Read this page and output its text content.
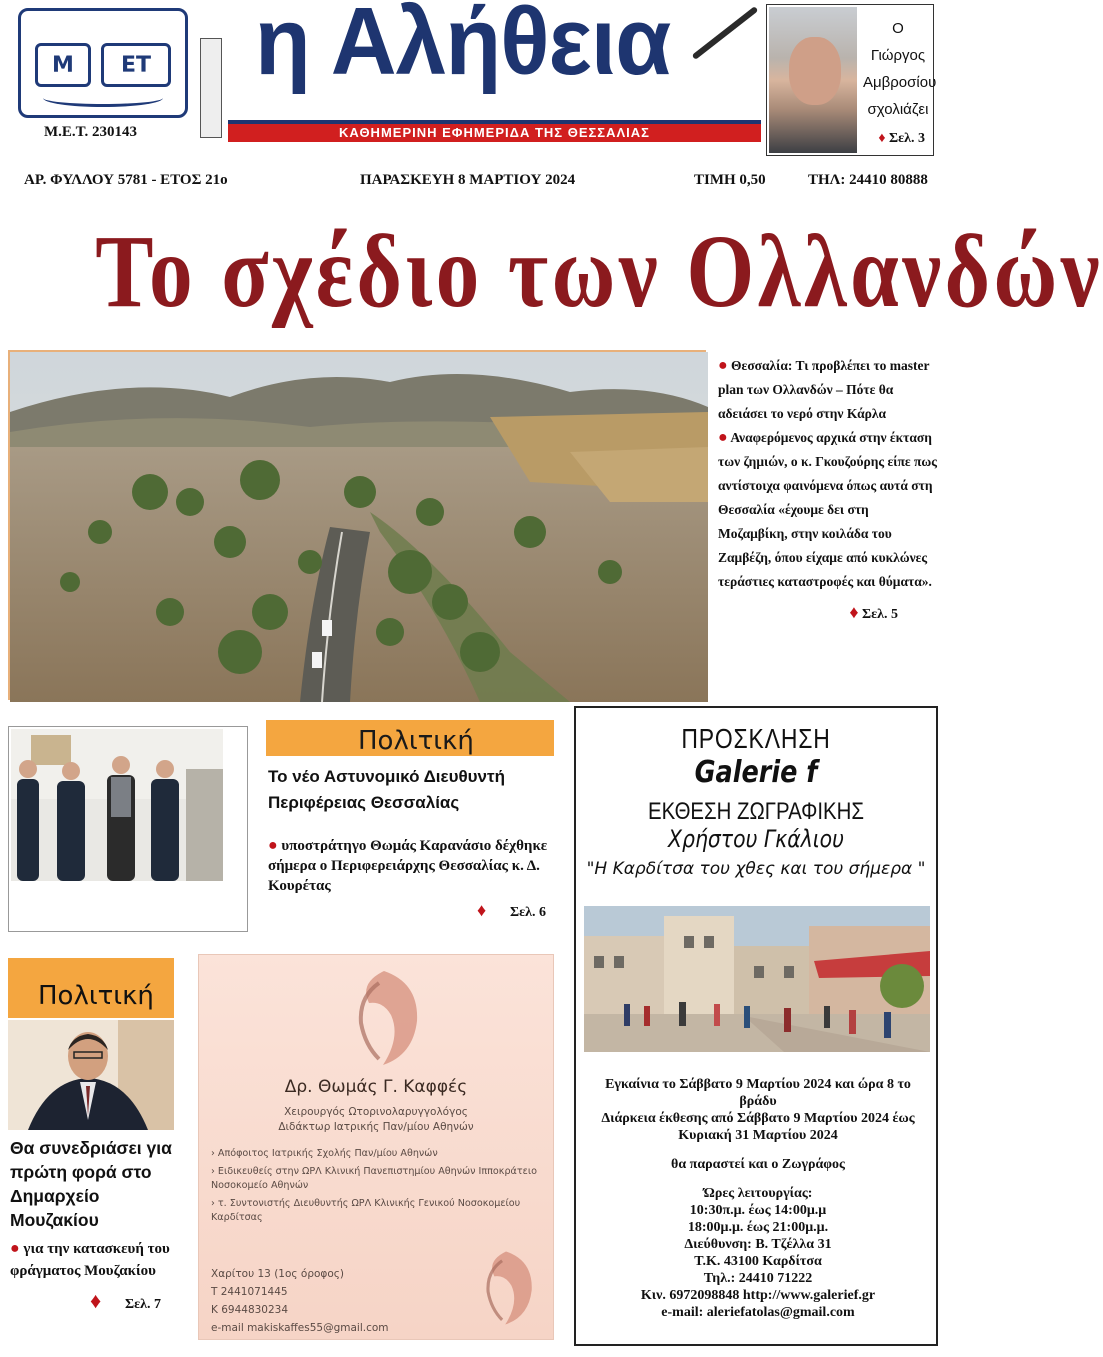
Μ	ΕΤ
Μ.Ε.Τ. 230143
η Αλήθεια
ΚΑΘΗΜΕΡΙΝΗ ΕΦΗΜΕΡΙΔΑ ΤΗΣ ΘΕΣΣΑΛΙΑΣ
Ο Γιώργος
Αμβροσίου
σχολιάζει
♦ Σελ. 3
ΑΡ. ΦΥΛΛΟΥ 5781 - ΕΤΟΣ 21ο	ΠΑΡΑΣΚΕΥΗ 8 ΜΑΡΤΙΟΥ 2024	ΤΙΜΗ 0,50	ΤΗΛ: 24410 80888
Το σχέδιο των Ολλανδών

● Θεσσαλία: Τι προβλέπει το master plan των Ολλανδών – Πότε θα αδειάσει το νερό στην Κάρλα

● Αναφερόμενος αρχικά στην έκταση των ζημιών, ο κ. Γκουζούρης είπε πως αντίστοιχα φαινόμενα όπως αυτά στη Θεσσαλία «έχουμε δει στη Μοζαμβίκη, στην κοιλάδα του Ζαμβέζη, όπου είχαμε από κυκλώνες τεράστιες καταστροφές και θύματα».

♦ Σελ. 5

Πολιτική
Το νέο Αστυνομικό Διευθυντή Περιφέρειας Θεσσαλίας
● υποστράτηγο Θωμάς Καρανάσιο δέχθηκε σήμερα ο Περιφερειάρχης Θεσσαλίας κ. Δ. Κουρέτας
♦ Σελ. 6
ΠΡΟΣΚΛΗΣΗ
Galerie f
ΕΚΘΕΣΗ ΖΩΓΡΑΦΙΚΗΣ
Χρήστου Γκάλιου
"Η Καρδίτσα του χθες και του σήμερα "
Εγκαίνια το Σάββατο 9 Μαρτίου 2024 και ώρα 8 το βράδυ
Διάρκεια έκθεσης από Σάββατο 9 Μαρτίου 2024 έως Κυριακή 31 Μαρτίου 2024
θα παραστεί και ο Ζωγράφος
Ώρες λειτουργίας:
10:30π.μ. έως 14:00μ.μ
18:00μ.μ. έως 21:00μ.μ.
Διεύθυνση: Β. Τζέλλα 31
Τ.Κ. 43100 Καρδίτσα
Τηλ.: 24410 71222
Κιν. 6972098848 http://www.galerief.gr
e-mail: aleriefatolas@gmail.com
Πολιτική
Θα συνεδριάσει για πρώτη φορά στο Δημαρχείο Μουζακίου
● για την κατασκευή του φράγματος Μουζακίου
♦ Σελ. 7
Δρ. Θωμάς Γ. Καφφές
Χειρουργός Ωτορινολαρυγγολόγος
Διδάκτωρ Ιατρικής Παν/μίου Αθηνών
› Απόφοιτος Ιατρικής Σχολής Παν/μίου Αθηνών
› Ειδικευθείς στην ΩΡΛ Κλινική Πανεπιστημίου Αθηνών Ιπποκράτειο Νοσοκομείο Αθηνών
› τ. Συντονιστής Διευθυντής ΩΡΛ Κλινικής Γενικού Νοσοκομείου Καρδίτσας
Χαρίτου 13 (1ος όροφος)
Τ 2441071445
Κ 6944830234
e-mail makiskaffes55@gmail.com
